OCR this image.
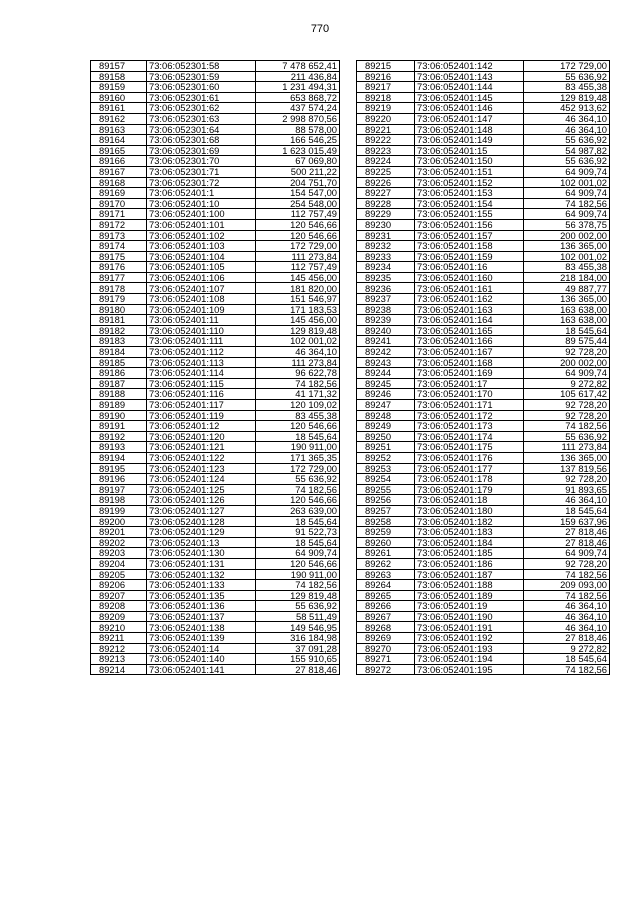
770
89157	73:06:052301:58	7 478 652,41
89158	73:06:052301:59	211 436,84
89159	73:06:052301:60	1 231 494,31
89160	73:06:052301:61	653 868,72
89161	73:06:052301:62	437 574,24
89162	73:06:052301:63	2 998 870,56
89163	73:06:052301:64	88 578,00
89164	73:06:052301:68	166 546,25
89165	73:06:052301:69	1 623 015,49
89166	73:06:052301:70	67 069,80
89167	73:06:052301:71	500 211,22
89168	73:06:052301:72	204 751,70
89169	73:06:052401:1	154 547,00
89170	73:06:052401:10	254 548,00
89171	73:06:052401:100	112 757,49
89172	73:06:052401:101	120 546,66
89173	73:06:052401:102	120 546,66
89174	73:06:052401:103	172 729,00
89175	73:06:052401:104	111 273,84
89176	73:06:052401:105	112 757,49
89177	73:06:052401:106	145 456,00
89178	73:06:052401:107	181 820,00
89179	73:06:052401:108	151 546,97
89180	73:06:052401:109	171 183,53
89181	73:06:052401:11	145 456,00
89182	73:06:052401:110	129 819,48
89183	73:06:052401:111	102 001,02
89184	73:06:052401:112	46 364,10
89185	73:06:052401:113	111 273,84
89186	73:06:052401:114	96 622,78
89187	73:06:052401:115	74 182,56
89188	73:06:052401:116	41 171,32
89189	73:06:052401:117	120 109,02
89190	73:06:052401:119	83 455,38
89191	73:06:052401:12	120 546,66
89192	73:06:052401:120	18 545,64
89193	73:06:052401:121	190 911,00
89194	73:06:052401:122	171 365,35
89195	73:06:052401:123	172 729,00
89196	73:06:052401:124	55 636,92
89197	73:06:052401:125	74 182,56
89198	73:06:052401:126	120 546,66
89199	73:06:052401:127	263 639,00
89200	73:06:052401:128	18 545,64
89201	73:06:052401:129	91 522,73
89202	73:06:052401:13	18 545,64
89203	73:06:052401:130	64 909,74
89204	73:06:052401:131	120 546,66
89205	73:06:052401:132	190 911,00
89206	73:06:052401:133	74 182,56
89207	73:06:052401:135	129 819,48
89208	73:06:052401:136	55 636,92
89209	73:06:052401:137	58 511,49
89210	73:06:052401:138	149 546,95
89211	73:06:052401:139	316 184,98
89212	73:06:052401:14	37 091,28
89213	73:06:052401:140	155 910,65
89214	73:06:052401:141	27 818,46
89215	73:06:052401:142	172 729,00
89216	73:06:052401:143	55 636,92
89217	73:06:052401:144	83 455,38
89218	73:06:052401:145	129 819,48
89219	73:06:052401:146	452 913,62
89220	73:06:052401:147	46 364,10
89221	73:06:052401:148	46 364,10
89222	73:06:052401:149	55 636,92
89223	73:06:052401:15	54 987,82
89224	73:06:052401:150	55 636,92
89225	73:06:052401:151	64 909,74
89226	73:06:052401:152	102 001,02
89227	73:06:052401:153	64 909,74
89228	73:06:052401:154	74 182,56
89229	73:06:052401:155	64 909,74
89230	73:06:052401:156	56 378,75
89231	73:06:052401:157	200 002,00
89232	73:06:052401:158	136 365,00
89233	73:06:052401:159	102 001,02
89234	73:06:052401:16	83 455,38
89235	73:06:052401:160	218 184,00
89236	73:06:052401:161	49 887,77
89237	73:06:052401:162	136 365,00
89238	73:06:052401:163	163 638,00
89239	73:06:052401:164	163 638,00
89240	73:06:052401:165	18 545,64
89241	73:06:052401:166	89 575,44
89242	73:06:052401:167	92 728,20
89243	73:06:052401:168	200 002,00
89244	73:06:052401:169	64 909,74
89245	73:06:052401:17	9 272,82
89246	73:06:052401:170	105 617,42
89247	73:06:052401:171	92 728,20
89248	73:06:052401:172	92 728,20
89249	73:06:052401:173	74 182,56
89250	73:06:052401:174	55 636,92
89251	73:06:052401:175	111 273,84
89252	73:06:052401:176	136 365,00
89253	73:06:052401:177	137 819,56
89254	73:06:052401:178	92 728,20
89255	73:06:052401:179	91 893,65
89256	73:06:052401:18	46 364,10
89257	73:06:052401:180	18 545,64
89258	73:06:052401:182	159 637,96
89259	73:06:052401:183	27 818,46
89260	73:06:052401:184	27 818,46
89261	73:06:052401:185	64 909,74
89262	73:06:052401:186	92 728,20
89263	73:06:052401:187	74 182,56
89264	73:06:052401:188	209 093,00
89265	73:06:052401:189	74 182,56
89266	73:06:052401:19	46 364,10
89267	73:06:052401:190	46 364,10
89268	73:06:052401:191	46 364,10
89269	73:06:052401:192	27 818,46
89270	73:06:052401:193	9 272,82
89271	73:06:052401:194	18 545,64
89272	73:06:052401:195	74 182,56
